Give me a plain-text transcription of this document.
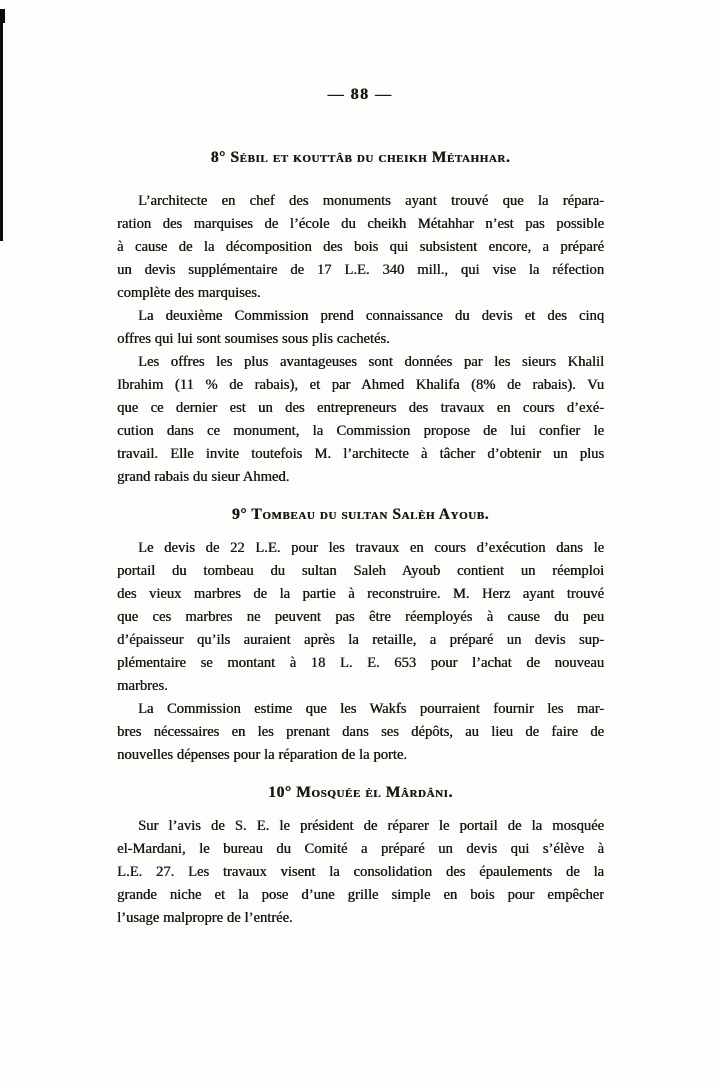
— 88 —
8° Sébil et kouttâb du cheikh Métahhar.
L’architecte en chef des monuments ayant trouvé que la répara-
ration des marquises de l’école du cheikh Métahhar n’est pas possible
à cause de la décomposition des bois qui subsistent encore, a préparé
un devis supplémentaire de 17 L.E. 340 mill., qui vise la réfection
complète des marquises.
La deuxième Commission prend connaissance du devis et des cinq
offres qui lui sont soumises sous plis cachetés.
Les offres les plus avantageuses sont données par les sieurs Khalil
Ibrahim (11 % de rabais), et par Ahmed Khalifa (8% de rabais). Vu
que ce dernier est un des entrepreneurs des travaux en cours d’exé-
cution dans ce monument, la Commission propose de lui confier le
travail. Elle invite toutefois M. l’architecte à tâcher d’obtenir un plus
grand rabais du sieur Ahmed.
9° Tombeau du sultan Salèh Ayoub.
Le devis de 22 L.E. pour les travaux en cours d’exécution dans le
portail du tombeau du sultan Saleh Ayoub contient un réemploi
des vieux marbres de la partie à reconstruire. M. Herz ayant trouvé
que ces marbres ne peuvent pas être réemployés à cause du peu
d’épaisseur qu’ils auraient après la retaille, a préparé un devis sup-
plémentaire se montant à 18 L. E. 653 pour l’achat de nouveau
marbres.
La Commission estime que les Wakfs pourraient fournir les mar-
bres nécessaires en les prenant dans ses dépôts, au lieu de faire de
nouvelles dépenses pour la réparation de la porte.
10° Mosquée èl Mârdâni.
Sur l’avis de S. E. le président de réparer le portail de la mosquée
el-Mardani, le bureau du Comité a préparé un devis qui s’élève à
L.E. 27. Les travaux visent la consolidation des épaulements de la
grande niche et la pose d’une grille simple en bois pour empêcher
l’usage malpropre de l’entrée.
